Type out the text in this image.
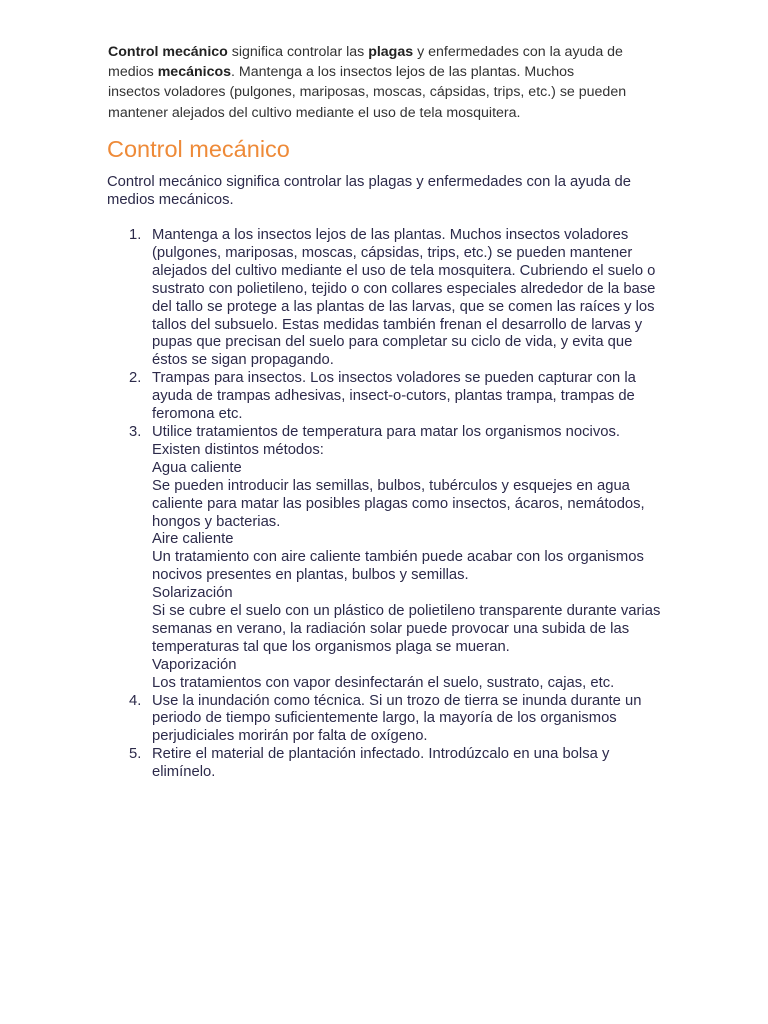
Control mecánico significa controlar las plagas y enfermedades con la ayuda de medios mecánicos. Mantenga a los insectos lejos de las plantas. Muchos insectos voladores (pulgones, mariposas, moscas, cápsidas, trips, etc.) se pueden mantener alejados del cultivo mediante el uso de tela mosquitera.

Control mecánico

Control mecánico significa controlar las plagas y enfermedades con la ayuda de medios mecánicos.

1. Mantenga a los insectos lejos de las plantas. Muchos insectos voladores (pulgones, mariposas, moscas, cápsidas, trips, etc.) se pueden mantener alejados del cultivo mediante el uso de tela mosquitera. Cubriendo el suelo o sustrato con polietileno, tejido o con collares especiales alrededor de la base del tallo se protege a las plantas de las larvas, que se comen las raíces y los tallos del subsuelo. Estas medidas también frenan el desarrollo de larvas y pupas que precisan del suelo para completar su ciclo de vida, y evita que éstos se sigan propagando.
2. Trampas para insectos. Los insectos voladores se pueden capturar con la ayuda de trampas adhesivas, insect-o-cutors, plantas trampa, trampas de feromona etc.
3. Utilice tratamientos de temperatura para matar los organismos nocivos.
Existen distintos métodos:
Agua caliente
Se pueden introducir las semillas, bulbos, tubérculos y esquejes en agua caliente para matar las posibles plagas como insectos, ácaros, nemátodos, hongos y bacterias.
Aire caliente
Un tratamiento con aire caliente también puede acabar con los organismos nocivos presentes en plantas, bulbos y semillas.
Solarización
Si se cubre el suelo con un plástico de polietileno transparente durante varias semanas en verano, la radiación solar puede provocar una subida de las temperaturas tal que los organismos plaga se mueran.
Vaporización
Los tratamientos con vapor desinfectarán el suelo, sustrato, cajas, etc.
4. Use la inundación como técnica. Si un trozo de tierra se inunda durante un periodo de tiempo suficientemente largo, la mayoría de los organismos perjudiciales morirán por falta de oxígeno.
5. Retire el material de plantación infectado. Introdúzcalo en una bolsa y elimínelo.
